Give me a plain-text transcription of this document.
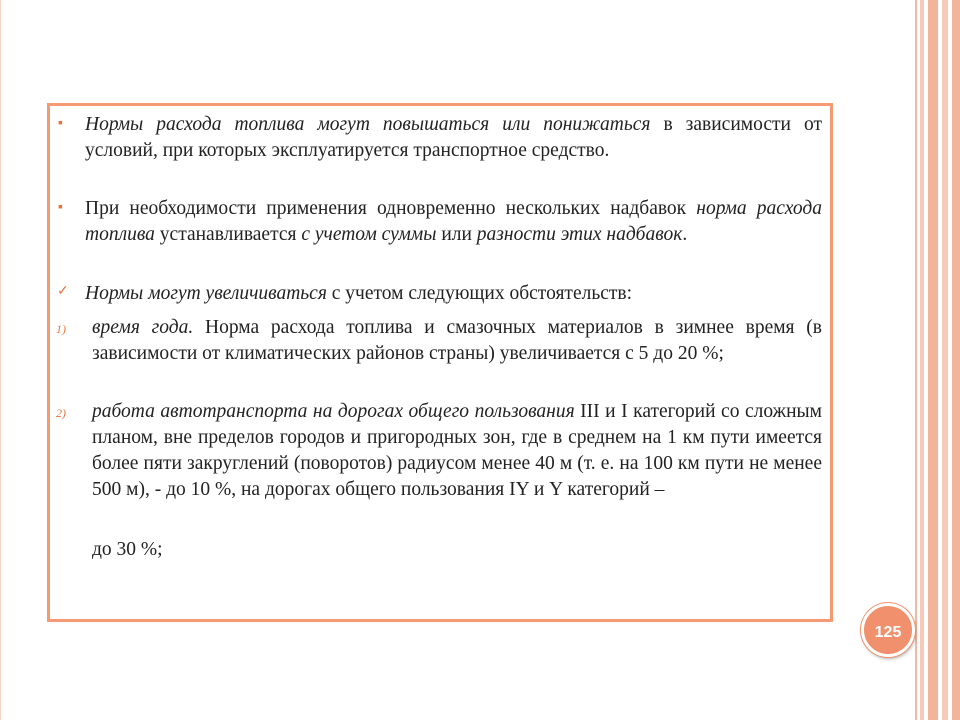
▪ Нормы расхода топлива могут повышаться или понижаться в зависимости от условий, при которых эксплуатируется транспортное средство.
▪ При необходимости применения одновременно нескольких надбавок норма расхода топлива устанавливается с учетом суммы или разности этих надбавок.
✓ Нормы могут увеличиваться с учетом следующих обстоятельств:
1) время года. Норма расхода топлива и смазочных материалов в зимнее время (в зависимости от климатических районов страны) увеличивается с 5 до 20 %;
2) работа автотранспорта на дорогах общего пользования III и I категорий со сложным планом, вне пределов городов и пригородных зон, где в среднем на 1 км пути имеется более пяти закруглений (поворотов) радиусом менее 40 м (т. е. на 100 км пути не менее 500 м), - до 10 %, на дорогах общего пользования IY и Y категорий –
до 30 %;
125
